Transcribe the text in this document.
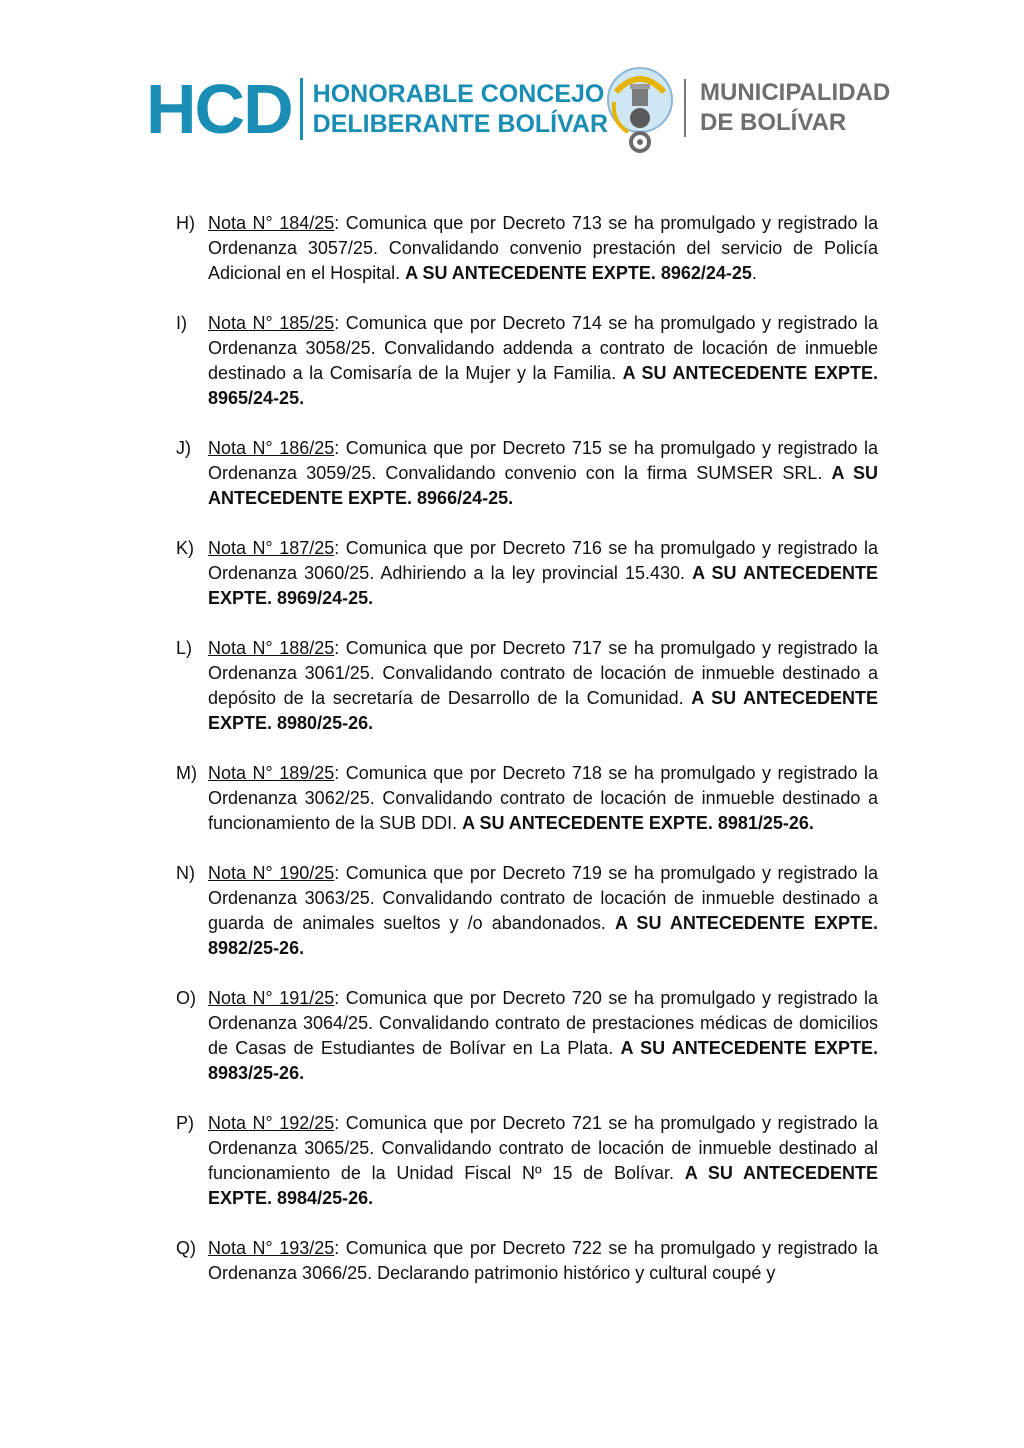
HCD HONORABLE CONCEJO
DELIBERANTE BOLÍVAR
MUNICIPALIDAD
DE BOLÍVAR
H) Nota N° 184/25: Comunica que por Decreto 713 se ha promulgado y registrado la Ordenanza 3057/25. Convalidando convenio prestación del servicio de Policía Adicional en el Hospital. A SU ANTECEDENTE EXPTE. 8962/24-25.
I) Nota N° 185/25: Comunica que por Decreto 714 se ha promulgado y registrado la Ordenanza 3058/25. Convalidando addenda a contrato de locación de inmueble destinado a la Comisaría de la Mujer y la Familia. A SU ANTECEDENTE EXPTE. 8965/24-25.
J) Nota N° 186/25: Comunica que por Decreto 715 se ha promulgado y registrado la Ordenanza 3059/25. Convalidando convenio con la firma SUMSER SRL. A SU ANTECEDENTE EXPTE. 8966/24-25.
K) Nota N° 187/25: Comunica que por Decreto 716 se ha promulgado y registrado la Ordenanza 3060/25. Adhiriendo a la ley provincial 15.430. A SU ANTECEDENTE EXPTE. 8969/24-25.
L) Nota N° 188/25: Comunica que por Decreto 717 se ha promulgado y registrado la Ordenanza 3061/25. Convalidando contrato de locación de inmueble destinado a depósito de la secretaría de Desarrollo de la Comunidad. A SU ANTECEDENTE EXPTE. 8980/25-26.
M) Nota N° 189/25: Comunica que por Decreto 718 se ha promulgado y registrado la Ordenanza 3062/25. Convalidando contrato de locación de inmueble destinado a funcionamiento de la SUB DDI. A SU ANTECEDENTE EXPTE. 8981/25-26.
N) Nota N° 190/25: Comunica que por Decreto 719 se ha promulgado y registrado la Ordenanza 3063/25. Convalidando contrato de locación de inmueble destinado a guarda de animales sueltos y /o abandonados. A SU ANTECEDENTE EXPTE. 8982/25-26.
O) Nota N° 191/25: Comunica que por Decreto 720 se ha promulgado y registrado la Ordenanza 3064/25. Convalidando contrato de prestaciones médicas de domicilios de Casas de Estudiantes de Bolívar en La Plata. A SU ANTECEDENTE EXPTE. 8983/25-26.
P) Nota N° 192/25: Comunica que por Decreto 721 se ha promulgado y registrado la Ordenanza 3065/25. Convalidando contrato de locación de inmueble destinado al funcionamiento de la Unidad Fiscal Nº 15 de Bolívar. A SU ANTECEDENTE EXPTE. 8984/25-26.
Q) Nota N° 193/25: Comunica que por Decreto 722 se ha promulgado y registrado la Ordenanza 3066/25. Declarando patrimonio histórico y cultural coupé y
